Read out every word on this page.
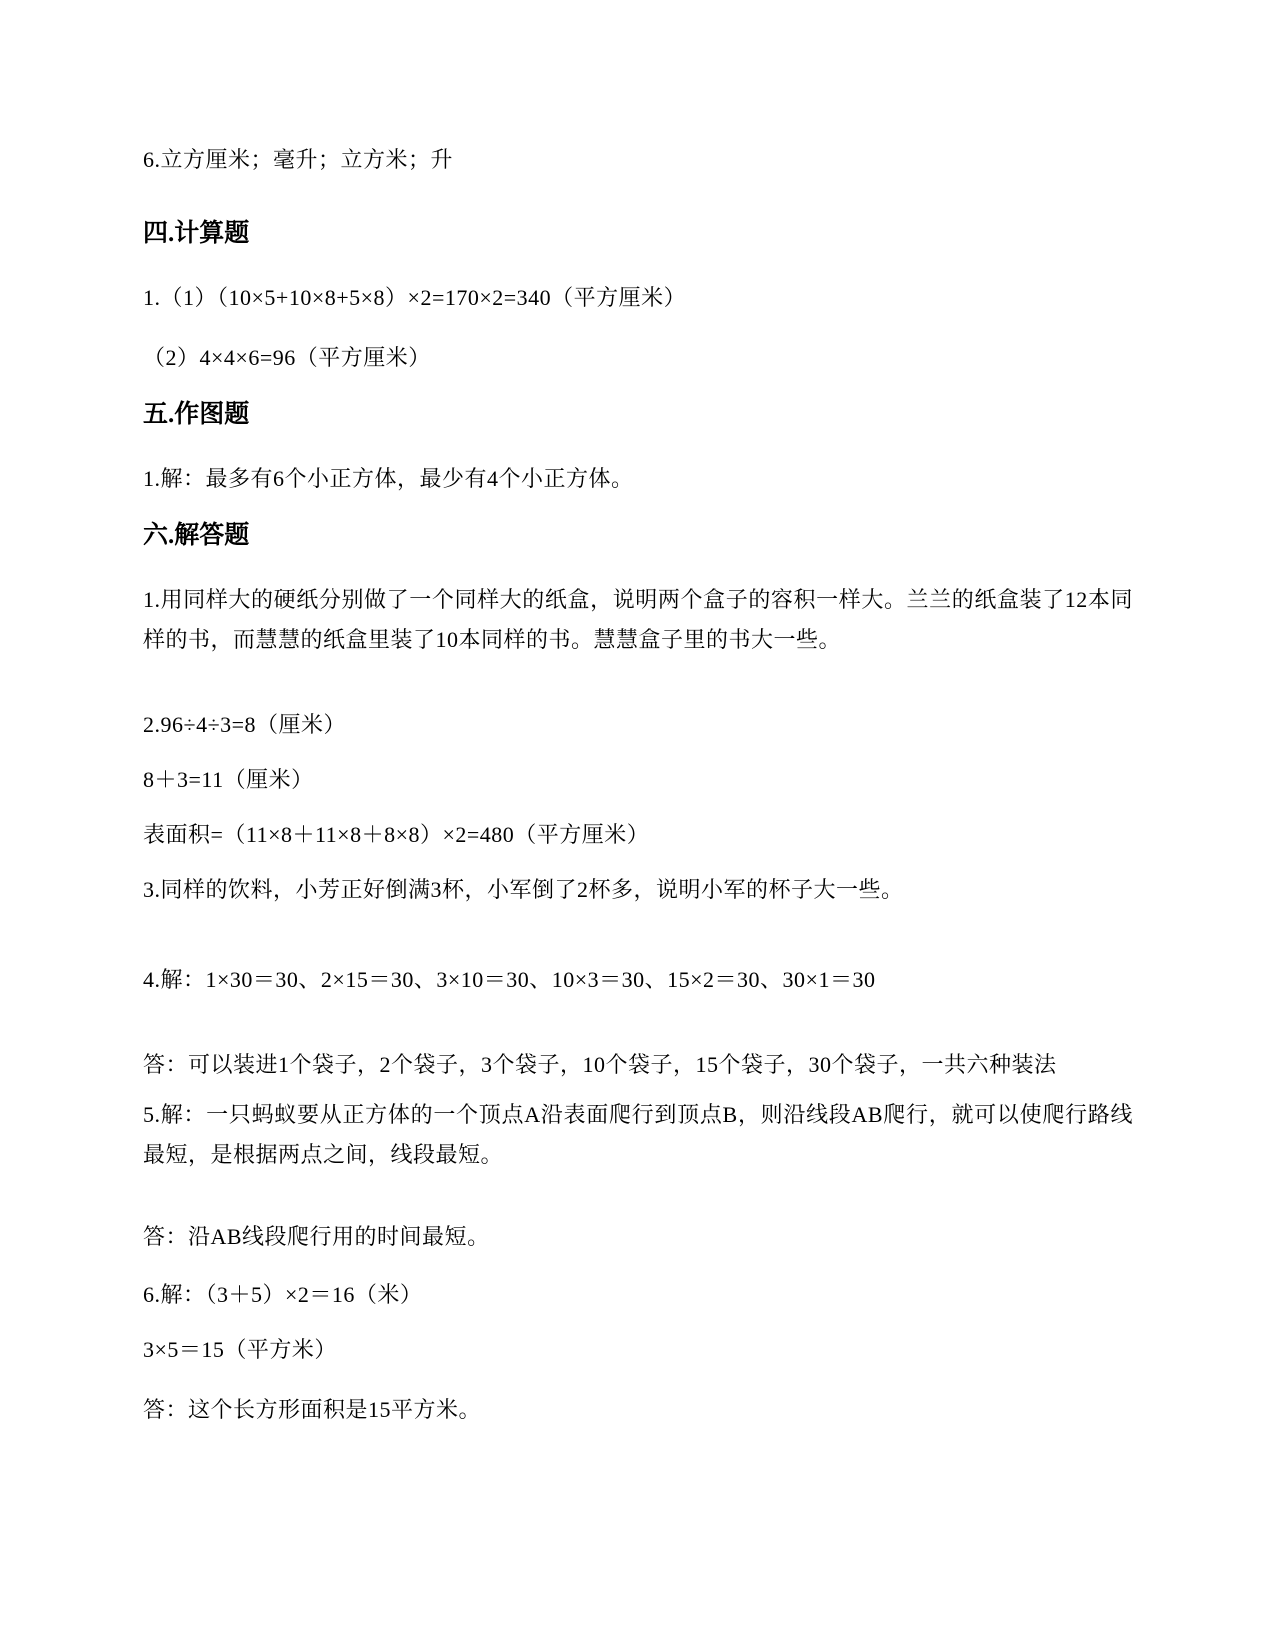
6.立方厘米；毫升；立方米；升

四.计算题

1.（1）（10×5+10×8+5×8）×2=170×2=340（平方厘米）

（2）4×4×6=96（平方厘米）

五.作图题

1.解：最多有6个小正方体，最少有4个小正方体。

六.解答题

1.用同样大的硬纸分别做了一个同样大的纸盒，说明两个盒子的容积一样大。兰兰的纸盒装了12本同样的书，而慧慧的纸盒里装了10本同样的书。慧慧盒子里的书大一些。

2.96÷4÷3=8（厘米）

8＋3=11（厘米）

表面积=（11×8＋11×8＋8×8）×2=480（平方厘米）

3.同样的饮料，小芳正好倒满3杯，小军倒了2杯多，说明小军的杯子大一些。

4.解：1×30＝30、2×15＝30、3×10＝30、10×3＝30、15×2＝30、30×1＝30

答：可以装进1个袋子，2个袋子，3个袋子，10个袋子，15个袋子，30个袋子，一共六种装法

5.解：一只蚂蚁要从正方体的一个顶点A沿表面爬行到顶点B，则沿线段AB爬行，就可以使爬行路线最短，是根据两点之间，线段最短。

答：沿AB线段爬行用的时间最短。

6.解：（3＋5）×2＝16（米）

3×5＝15（平方米）

答：这个长方形面积是15平方米。
